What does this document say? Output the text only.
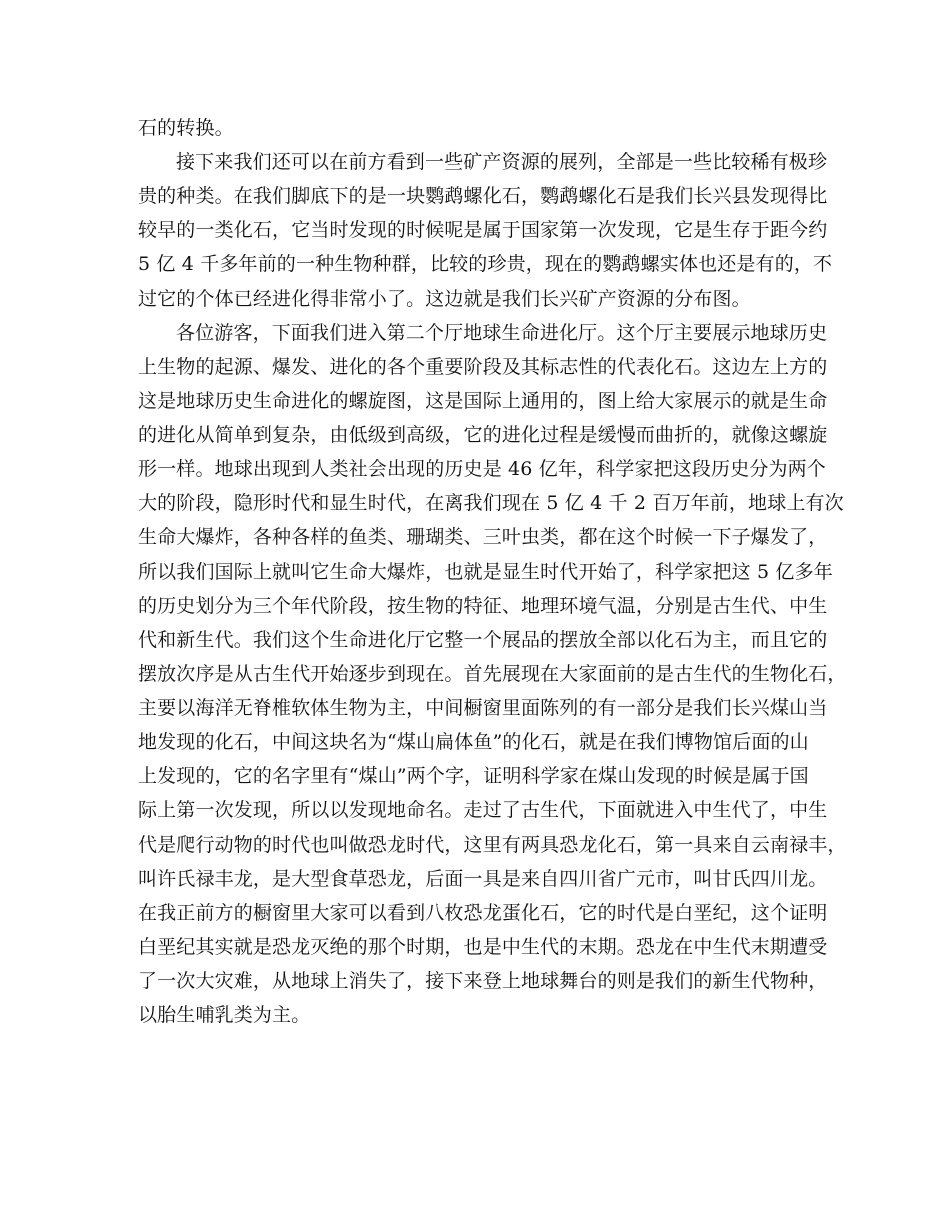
石的转换。
接下来我们还可以在前方看到一些矿产资源的展列，全部是一些比较稀有极珍
贵的种类。在我们脚底下的是一块鹦鹉螺化石，鹦鹉螺化石是我们长兴县发现得比
较早的一类化石，它当时发现的时候呢是属于国家第一次发现，它是生存于距今约
5 亿 4 千多年前的一种生物种群，比较的珍贵，现在的鹦鹉螺实体也还是有的，不
过它的个体已经进化得非常小了。这边就是我们长兴矿产资源的分布图。
各位游客，下面我们进入第二个厅地球生命进化厅。这个厅主要展示地球历史
上生物的起源、爆发、进化的各个重要阶段及其标志性的代表化石。这边左上方的
这是地球历史生命进化的螺旋图，这是国际上通用的，图上给大家展示的就是生命
的进化从简单到复杂，由低级到高级，它的进化过程是缓慢而曲折的，就像这螺旋
形一样。地球出现到人类社会出现的历史是 46 亿年，科学家把这段历史分为两个
大的阶段，隐形时代和显生时代，在离我们现在 5 亿 4 千 2 百万年前，地球上有次
生命大爆炸，各种各样的鱼类、珊瑚类、三叶虫类，都在这个时候一下子爆发了，
所以我们国际上就叫它生命大爆炸，也就是显生时代开始了，科学家把这 5 亿多年
的历史划分为三个年代阶段，按生物的特征、地理环境气温，分别是古生代、中生
代和新生代。我们这个生命进化厅它整一个展品的摆放全部以化石为主，而且它的
摆放次序是从古生代开始逐步到现在。首先展现在大家面前的是古生代的生物化石，
主要以海洋无脊椎软体生物为主，中间橱窗里面陈列的有一部分是我们长兴煤山当
地发现的化石，中间这块名为“煤山扁体鱼”的化石，就是在我们博物馆后面的山
上发现的，它的名字里有“煤山”两个字，证明科学家在煤山发现的时候是属于国
际上第一次发现，所以以发现地命名。走过了古生代，下面就进入中生代了，中生
代是爬行动物的时代也叫做恐龙时代，这里有两具恐龙化石，第一具来自云南禄丰，
叫许氏禄丰龙，是大型食草恐龙，后面一具是来自四川省广元市，叫甘氏四川龙。
在我正前方的橱窗里大家可以看到八枚恐龙蛋化石，它的时代是白垩纪，这个证明
白垩纪其实就是恐龙灭绝的那个时期，也是中生代的末期。恐龙在中生代末期遭受
了一次大灾难，从地球上消失了，接下来登上地球舞台的则是我们的新生代物种，
以胎生哺乳类为主。
